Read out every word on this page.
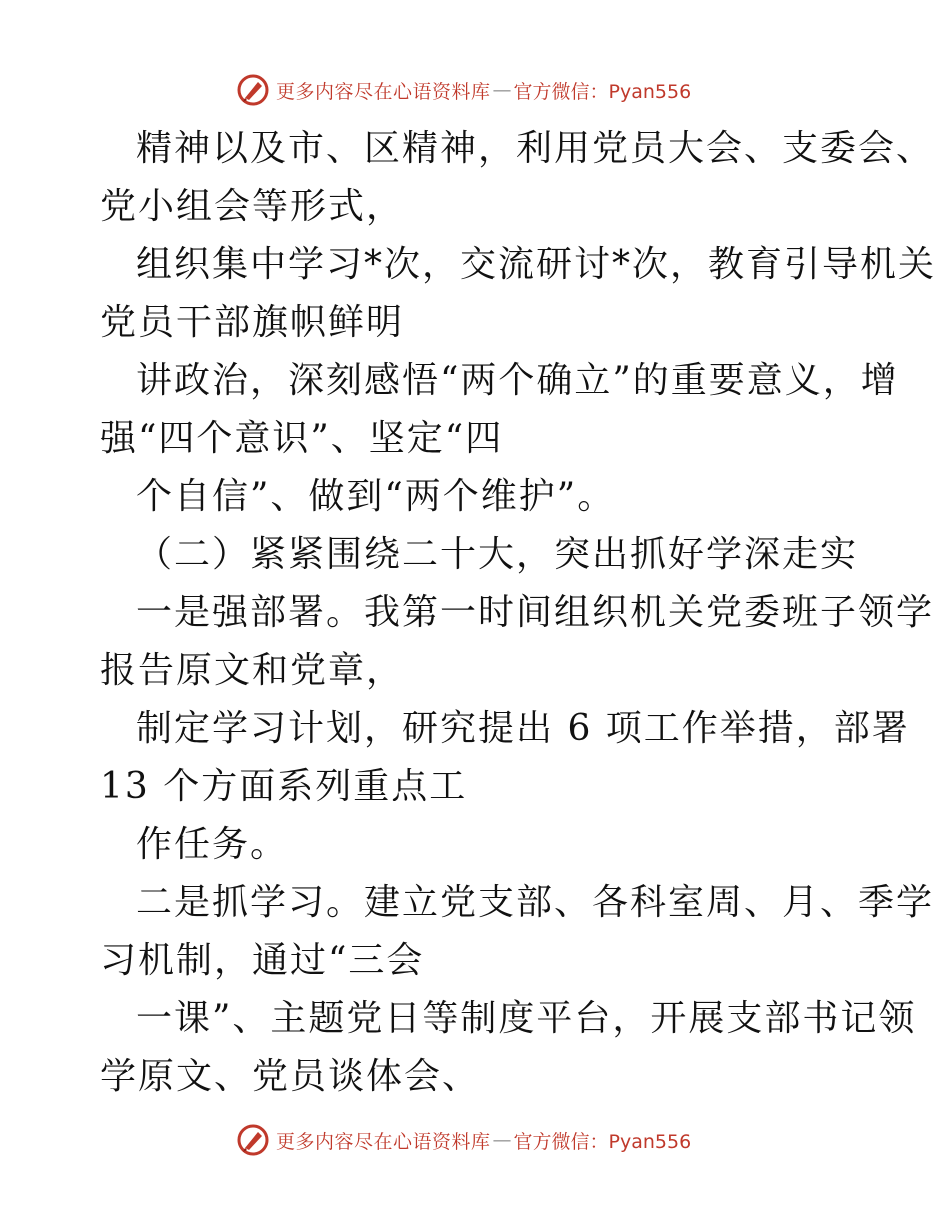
更多内容尽在心语资料库 — 官方微信：Pyan556
精神以及市、区精神，利用党员大会、支委会、
党小组会等形式，
组织集中学习*次，交流研讨*次，教育引导机关
党员干部旗帜鲜明
讲政治，深刻感悟“两个确立”的重要意义，增
强“四个意识”、坚定“四
个自信”、做到“两个维护”。
（二）紧紧围绕二十大，突出抓好学深走实
一是强部署。我第一时间组织机关党委班子领学
报告原文和党章，
制定学习计划，研究提出 6 项工作举措，部署
13 个方面系列重点工
作任务。
二是抓学习。建立党支部、各科室周、月、季学
习机制，通过“三会
一课”、主题党日等制度平台，开展支部书记领
学原文、党员谈体会、
更多内容尽在心语资料库 — 官方微信：Pyan556
